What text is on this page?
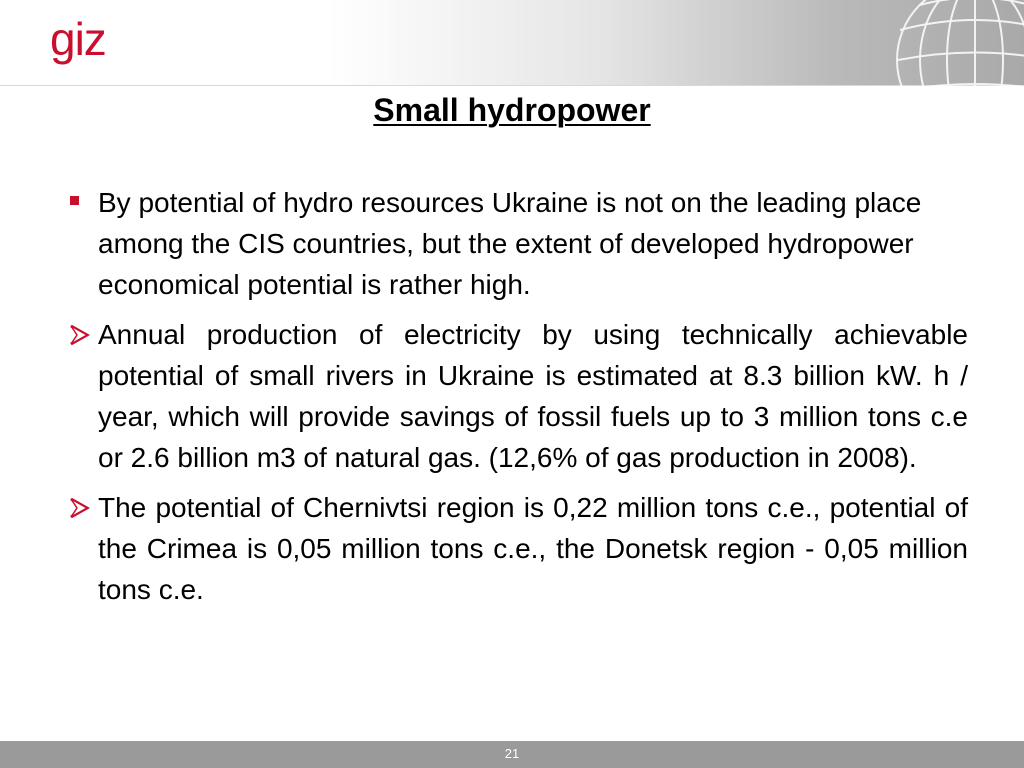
giz
Small hydropower
By potential of hydro resources Ukraine is not on the leading place among the CIS countries, but the extent of developed hydropower economical potential is rather high.
Annual production of electricity by using technically achievable potential of small rivers in Ukraine is estimated at 8.3 billion kW. h / year, which will provide savings of fossil fuels up to 3 million tons c.e or 2.6 billion m3 of natural gas. (12,6% of gas production in 2008).
The potential of Chernivtsi region is 0,22 million tons c.e., potential of the Crimea is 0,05 million tons c.e., the Donetsk region - 0,05 million tons c.e.
21
